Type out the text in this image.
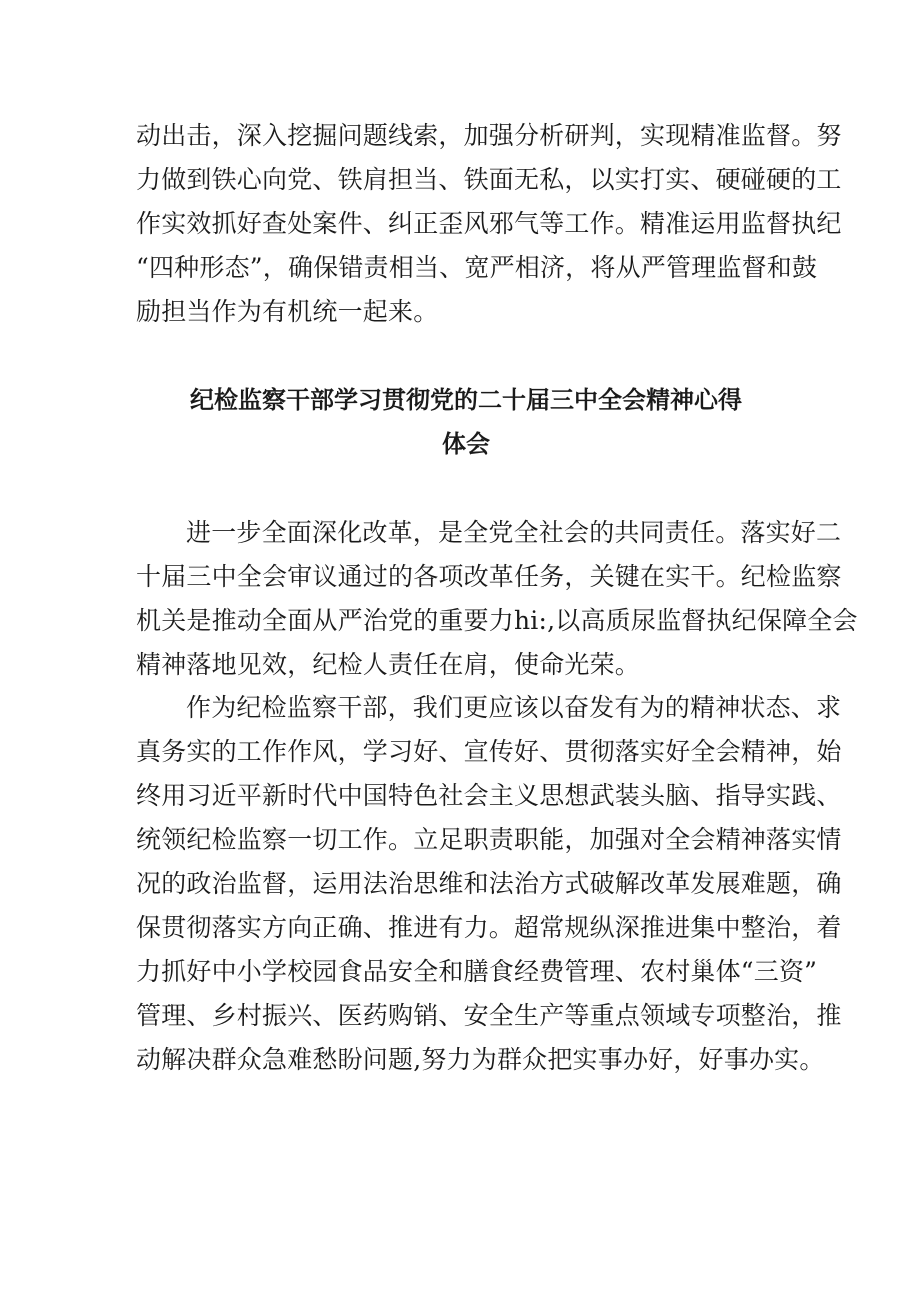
动出击，深入挖掘问题线索，加强分析研判，实现精准监督。努
力做到铁心向党、铁肩担当、铁面无私，以实打实、硬碰硬的工
作实效抓好查处案件、纠正歪风邪气等工作。精准运用监督执纪
“四种形态”，确保错责相当、宽严相济，将从严管理监督和鼓
励担当作为有机统一起来。
纪检监察干部学习贯彻党的二十届三中全会精神心得
体会
进一步全面深化改革，是全党全社会的共同责任。落实好二
十届三中全会审议通过的各项改革任务，关键在实干。纪检监察
机关是推动全面从严治党的重要力hi:,以高质尿监督执纪保障全会
精神落地见效，纪检人责任在肩，使命光荣。
作为纪检监察干部，我们更应该以奋发有为的精神状态、求
真务实的工作作风，学习好、宣传好、贯彻落实好全会精神，始
终用习近平新时代中国特色社会主义思想武装头脑、指导实践、
统领纪检监察一切工作。立足职责职能，加强对全会精神落实情
况的政治监督，运用法治思维和法治方式破解改革发展难题，确
保贯彻落实方向正确、推进有力。超常规纵深推进集中整治，着
力抓好中小学校园食品安全和膳食经费管理、农村巢体“三资”
管理、乡村振兴、医药购销、安全生产等重点领域专项整治，推
动解决群众急难愁盼问题,努力为群众把实事办好，好事办实。
